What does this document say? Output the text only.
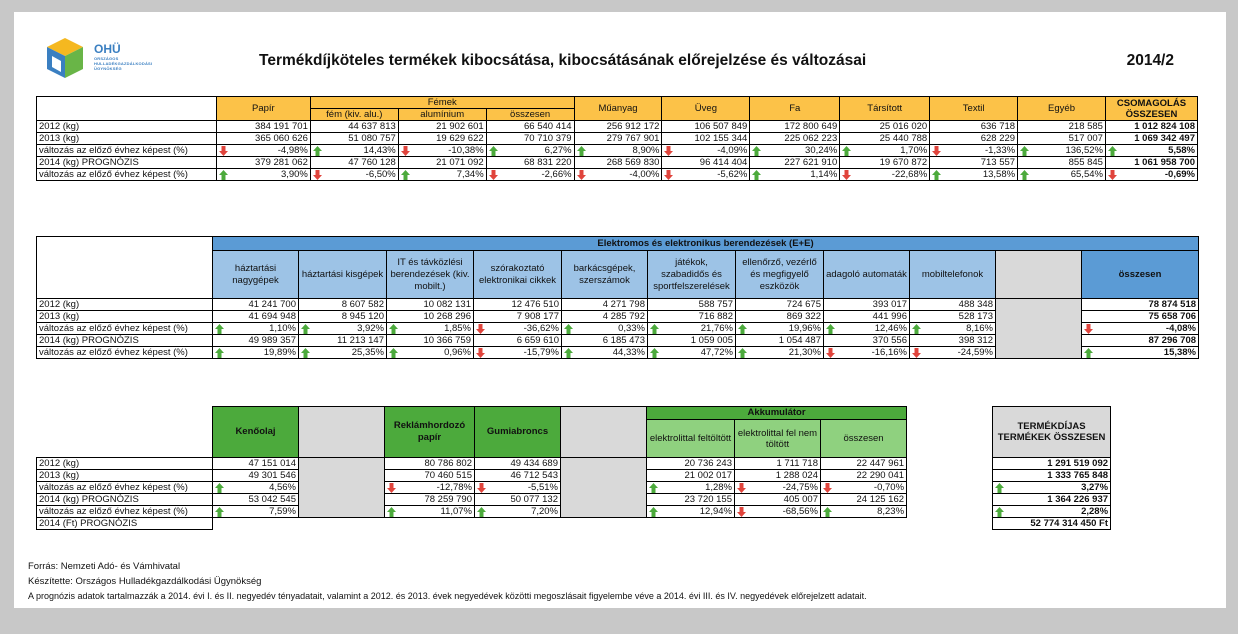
OHÜ
ORSZÁGOS HULLADÉKGAZDÁLKODÁSI ÜGYNÖKSÉG	Termékdíjköteles termékek kibocsátása, kibocsátásának előrejelzése és változásai	2014/2
	Papír	Fémek			Műanyag	Üveg	Fa	Társított	Textil	Egyéb	CSOMAGOLÁS ÖSSZESEN
		fém (kiv. alu.)	alumínium	összesen							
2012 (kg)	384 191 701	44 637 813	21 902 601	66 540 414	256 912 172	106 507 849	172 800 649	25 016 020	636 718	218 585	1 012 824 108
2013 (kg)	365 060 626	51 080 757	19 629 622	70 710 379	279 767 901	102 155 344	225 062 223	25 440 788	628 229	517 007	1 069 342 497
változás az előző évhez képest (%)	-4,98%	14,43%	-10,38%	6,27%	8,90%	-4,09%	30,24%	1,70%	-1,33%	136,52%	5,58%
2014 (kg) PROGNÓZIS	379 281 062	47 760 128	21 071 092	68 831 220	268 569 830	96 414 404	227 621 910	19 670 872	713 557	855 845	1 061 958 700
változás az előző évhez képest (%)	3,90%	-6,50%	7,34%	-2,66%	-4,00%	-5,62%	1,14%	-22,68%	13,58%	65,54%	-0,69%
	Elektromos és elektronikus berendezések (E+E)										
	háztartási nagygépek	háztartási kisgépek	IT és távközlési berendezések (kiv. mobilt.)	szórakoztató elektronikai cikkek	barkácsgépek, szerszámok	játékok, szabadidős és sportfelszerelések	ellenőrző, vezérlő és megfigyelő eszközök	adagoló automaták	mobiltelefonok		összesen
2012 (kg)	41 241 700	8 607 582	10 082 131	12 476 510	4 271 798	588 757	724 675	393 017	488 348		78 874 518
2013 (kg)	41 694 948	8 945 120	10 268 296	7 908 177	4 285 792	716 882	869 322	441 996	528 173		75 658 706
változás az előző évhez képest (%)	1,10%	3,92%	1,85%	-36,62%	0,33%	21,76%	19,96%	12,46%	8,16%		-4,08%
2014 (kg) PROGNÓZIS	49 989 357	11 213 147	10 366 759	6 659 610	6 185 473	1 059 005	1 054 487	370 556	398 312		87 296 708
változás az előző évhez képest (%)	19,89%	25,35%	0,96%	-15,79%	44,33%	47,72%	21,30%	-16,16%	-24,59%		15,38%
	Kenőolaj		Reklámhordozó papír	Gumiabroncs		Akkumulátor				TERMÉKDÍJAS TERMÉKEK ÖSSZESEN	
						elektrolittal feltöltött	elektrolittal fel nem töltött	összesen			
2012 (kg)	47 151 014		80 786 802	49 434 689		20 736 243	1 711 718	22 447 961		1 291 519 092	
2013 (kg)	49 301 546		70 460 515	46 712 543		21 002 017	1 288 024	22 290 041		1 333 765 848	
változás az előző évhez képest (%)	4,56%		-12,78%	-5,51%		1,28%	-24,75%	-0,70%		3,27%	
2014 (kg) PROGNÓZIS	53 042 545		78 259 790	50 077 132		23 720 155	405 007	24 125 162		1 364 226 937	
változás az előző évhez képest (%)	7,59%		11,07%	7,20%		12,94%	-68,56%	8,23%		2,28%	
2014 (Ft) PROGNÓZIS										52 774 314 450 Ft	
Forrás: Nemzeti Adó- és Vámhivatal
Készítette: Országos Hulladékgazdálkodási Ügynökség
A prognózis adatok tartalmazzák a 2014. évi I. és II. negyedév tényadatait, valamint a 2012. és 2013. évek negyedévek közötti megoszlásait figyelembe véve a 2014. évi III. és IV. negyedévek előrejelzett adatait.
